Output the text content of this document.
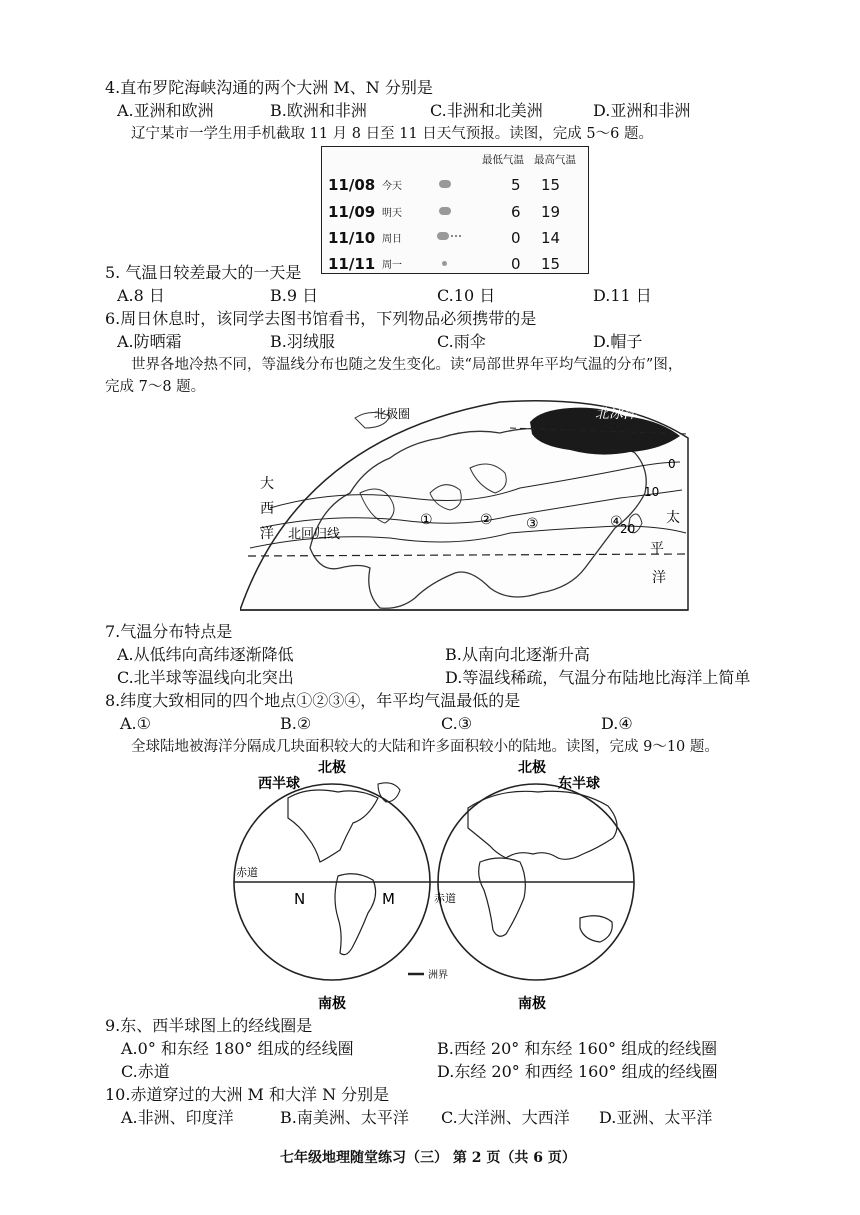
4.直布罗陀海峡沟通的两个大洲 M、N 分别是
A.亚洲和欧洲	B.欧洲和非洲	C.非洲和北美洲	D.亚洲和非洲
辽宁某市一学生用手机截取 11 月 8 日至 11 日天气预报。读图，完成 5～6 题。
最低气温 最高气温
11/08 今天	5 15
11/09 明天	6 19
11/10 周日	0 14
11/11 周一	0 15
5. 气温日较差最大的一天是
A.8 日	B.9 日	C.10 日	D.11 日
6.周日休息时，该同学去图书馆看书，下列物品必须携带的是
A.防晒霜	B.羽绒服	C.雨伞	D.帽子
世界各地冷热不同，等温线分布也随之发生变化。读“局部世界年平均气温的分布”图，
完成 7～8 题。
北极圈	北冰洋
北回归线
大
西
洋
太
平
洋
0
10
20
①	② ③	④
7.气温分布特点是
A.从低纬向高纬逐渐降低	B.从南向北逐渐升高
C.北半球等温线向北突出	D.等温线稀疏，气温分布陆地比海洋上简单
8.纬度大致相同的四个地点①②③④，年平均气温最低的是
A.①	B.②	C.③	D.④
全球陆地被海洋分隔成几块面积较大的大陆和许多面积较小的陆地。读图，完成 9～10 题。
西半球
北极	北极
东半球
赤道
赤道
N	M
洲界
南极	南极
9.东、西半球图上的经线圈是
A.0° 和东经 180° 组成的经线圈	B.西经 20° 和东经 160° 组成的经线圈
C.赤道	D.东经 20° 和西经 160° 组成的经线圈
10.赤道穿过的大洲 M 和大洋 N 分别是
A.非洲、印度洋	B.南美洲、太平洋 C.大洋洲、大西洋 D.亚洲、太平洋
七年级地理随堂练习（三） 第 2 页（共 6 页）
